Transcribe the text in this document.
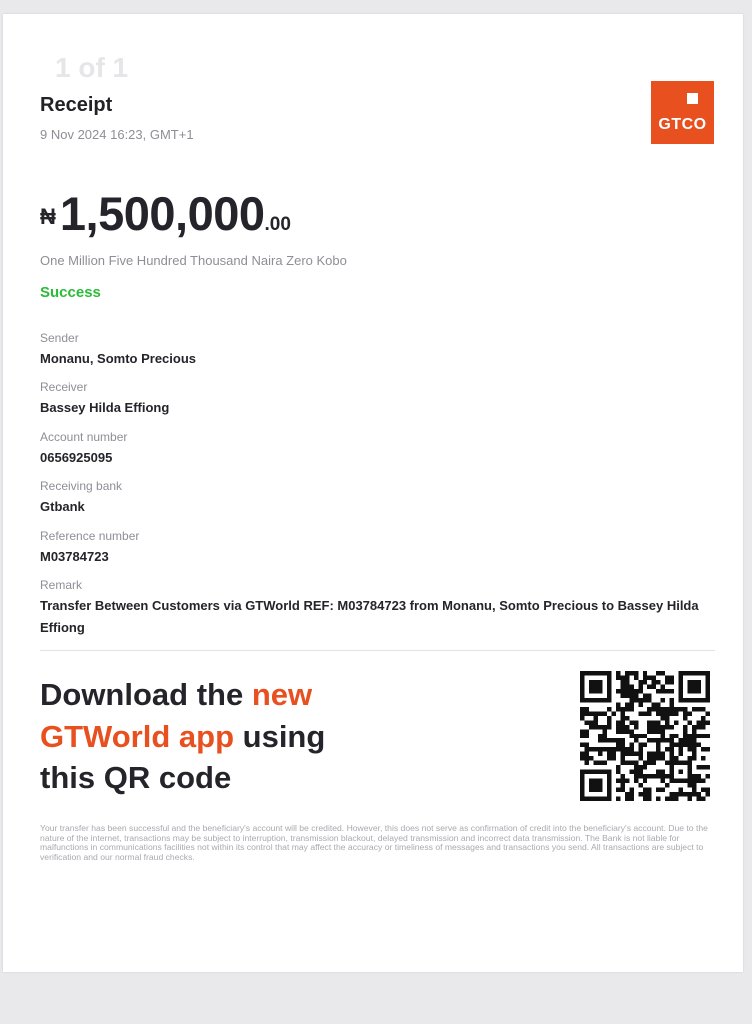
1 of 1
Receipt
9 Nov 2024 16:23, GMT+1
GTCO
₦1,500,000.00
One Million Five Hundred Thousand Naira Zero Kobo
Success
Sender
Monanu, Somto Precious
Receiver
Bassey Hilda Effiong
Account number
0656925095
Receiving bank
Gtbank
Reference number
M03784723
Remark
Transfer Between Customers via GTWorld REF: M03784723 from Monanu, Somto Precious to Bassey Hilda Effiong
Download the new
GTWorld app using
this QR code
Your transfer has been successful and the beneficiary's account will be credited. However, this does not serve as confirmation of credit into the beneficiary's account. Due to the nature of the internet, transactions may be subject to interruption, transmission blackout, delayed transmission and incorrect data transmission. The Bank is not liable for malfunctions in communications facilities not within its control that may affect the accuracy or timeliness of messages and transactions you send. All transactions are subject to verification and our normal fraud checks.
